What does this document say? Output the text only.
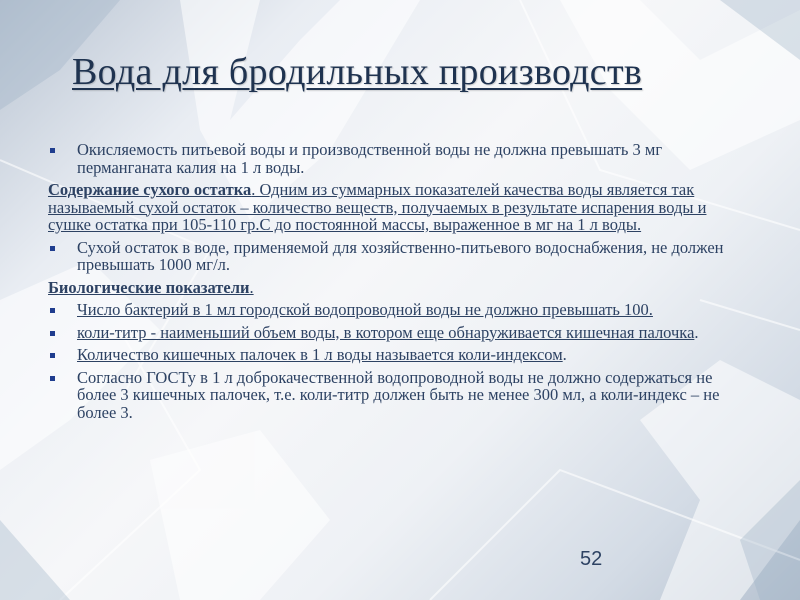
Вода для бродильных производств
Окисляемость питьевой воды и производственной воды не должна превышать 3 мг перманганата калия на 1 л воды.
Содержание сухого остатка. Одним из суммарных показателей качества воды является так называемый сухой остаток – количество веществ, получаемых в результате испарения воды и сушке остатка при 105-110 гр.С до постоянной массы, выраженное в мг на 1 л воды.
Сухой остаток в воде, применяемой для хозяйственно-питьевого водоснабжения, не должен превышать 1000 мг/л.
Биологические показатели.
Число бактерий в 1 мл городской водопроводной воды не должно превышать 100.
коли-титр - наименьший объем воды, в котором еще обнаруживается кишечная палочка.
Количество кишечных палочек в 1 л воды называется коли-индексом.
Согласно ГОСТу в 1 л доброкачественной водопроводной воды не должно содержаться не более 3 кишечных палочек, т.е. коли-титр должен быть не менее 300 мл, а коли-индекс – не более 3.
52
